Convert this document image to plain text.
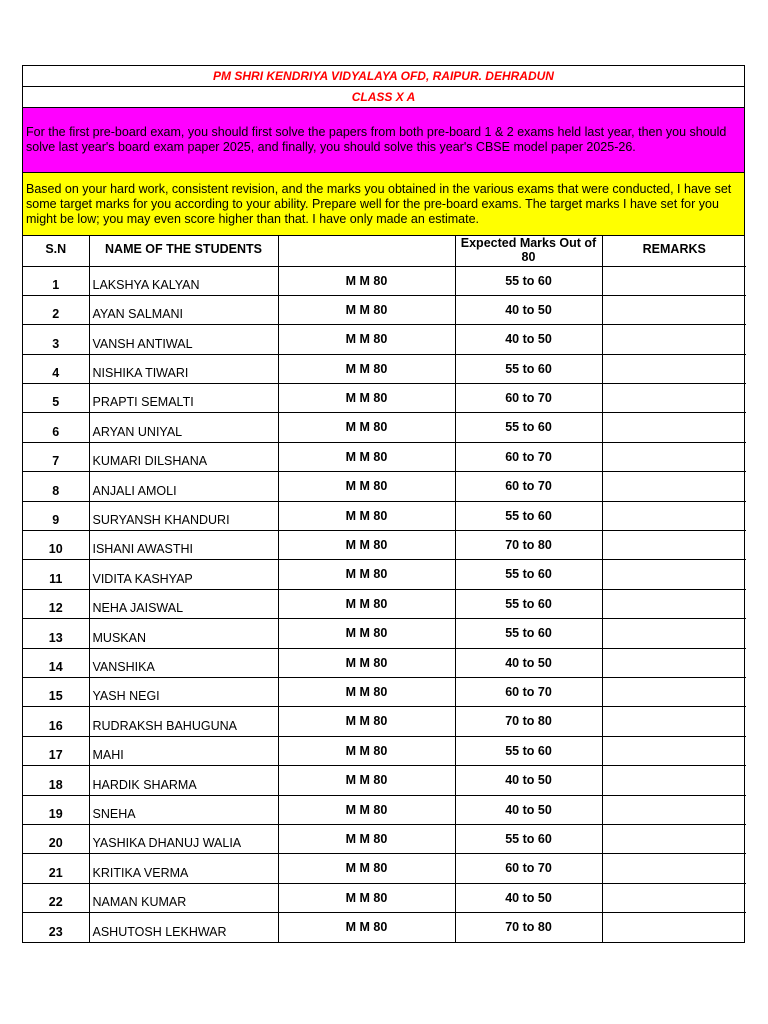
PM SHRI KENDRIYA VIDYALAYA OFD, RAIPUR. DEHRADUN
CLASS X A
For the first pre-board exam, you should first solve the papers from both pre-board 1 & 2 exams held last year, then you should solve last year's board exam paper 2025, and finally, you should solve this year's CBSE model paper 2025-26.
Based on your hard work, consistent revision, and the marks you obtained in the various exams that were conducted, I have set some target marks for you according to your ability. Prepare well for the pre-board exams. The target marks I have set for you might be low; you may even score higher than that. I have only made an estimate.
S.N	NAME OF THE STUDENTS		Expected Marks Out of 80	REMARKS
1	LAKSHYA KALYAN	M M 80	55 to 60	
2	AYAN SALMANI	M M 80	40 to 50	
3	VANSH ANTIWAL	M M 80	40 to 50	
4	NISHIKA TIWARI	M M 80	55 to 60	
5	PRAPTI SEMALTI	M M 80	60 to 70	
6	ARYAN UNIYAL	M M 80	55 to 60	
7	KUMARI DILSHANA	M M 80	60 to 70	
8	ANJALI AMOLI	M M 80	60 to 70	
9	SURYANSH KHANDURI	M M 80	55 to 60	
10	ISHANI AWASTHI	M M 80	70 to 80	
11	VIDITA KASHYAP	M M 80	55 to 60	
12	NEHA JAISWAL	M M 80	55 to 60	
13	MUSKAN	M M 80	55 to 60	
14	VANSHIKA	M M 80	40 to 50	
15	YASH NEGI	M M 80	60 to 70	
16	RUDRAKSH BAHUGUNA	M M 80	70 to 80	
17	MAHI	M M 80	55 to 60	
18	HARDIK SHARMA	M M 80	40 to 50	
19	SNEHA	M M 80	40 to 50	
20	YASHIKA DHANUJ WALIA	M M 80	55 to 60	
21	KRITIKA VERMA	M M 80	60 to 70	
22	NAMAN KUMAR	M M 80	40 to 50	
23	ASHUTOSH LEKHWAR	M M 80	70 to 80	
